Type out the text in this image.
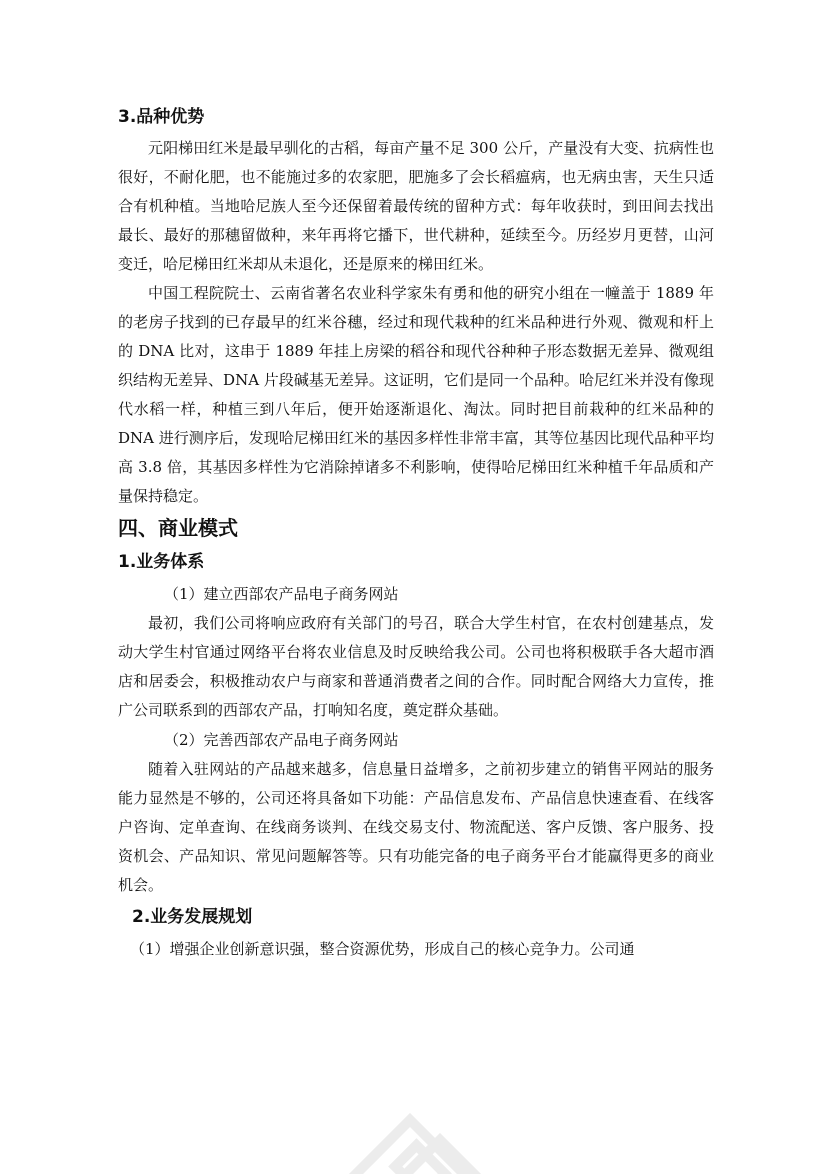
3.品种优势

元阳梯田红米是最早驯化的古稻，每亩产量不足 300 公斤，产量没有大变、抗病性也很好，不耐化肥，也不能施过多的农家肥，肥施多了会长稻瘟病，也无病虫害，天生只适合有机种植。当地哈尼族人至今还保留着最传统的留种方式：每年收获时，到田间去找出最长、最好的那穗留做种，来年再将它播下，世代耕种，延续至今。历经岁月更替，山河变迁，哈尼梯田红米却从未退化，还是原来的梯田红米。

中国工程院院士、云南省著名农业科学家朱有勇和他的研究小组在一幢盖于 1889 年的老房子找到的已存最早的红米谷穗，经过和现代栽种的红米品种进行外观、微观和杆上的 DNA 比对，这串于 1889 年挂上房梁的稻谷和现代谷种种子形态数据无差异、微观组织结构无差异、DNA 片段碱基无差异。这证明，它们是同一个品种。哈尼红米并没有像现代水稻一样，种植三到八年后，便开始逐渐退化、淘汰。同时把目前栽种的红米品种的 DNA 进行测序后，发现哈尼梯田红米的基因多样性非常丰富，其等位基因比现代品种平均高 3.8 倍，其基因多样性为它消除掉诸多不利影响，使得哈尼梯田红米种植千年品质和产量保持稳定。

四、商业模式
1.业务体系

（1）建立西部农产品电子商务网站

最初，我们公司将响应政府有关部门的号召，联合大学生村官，在农村创建基点，发动大学生村官通过网络平台将农业信息及时反映给我公司。公司也将积极联手各大超市酒店和居委会，积极推动农户与商家和普通消费者之间的合作。同时配合网络大力宣传，推广公司联系到的西部农产品，打响知名度，奠定群众基础。

（2）完善西部农产品电子商务网站

随着入驻网站的产品越来越多，信息量日益增多，之前初步建立的销售平网站的服务能力显然是不够的，公司还将具备如下功能：产品信息发布、产品信息快速查看、在线客户咨询、定单查询、在线商务谈判、在线交易支付、物流配送、客户反馈、客户服务、投资机会、产品知识、常见问题解答等。只有功能完备的电子商务平台才能赢得更多的商业机会。

2.业务发展规划

（1）增强企业创新意识强，整合资源优势，形成自己的核心竞争力。公司通
